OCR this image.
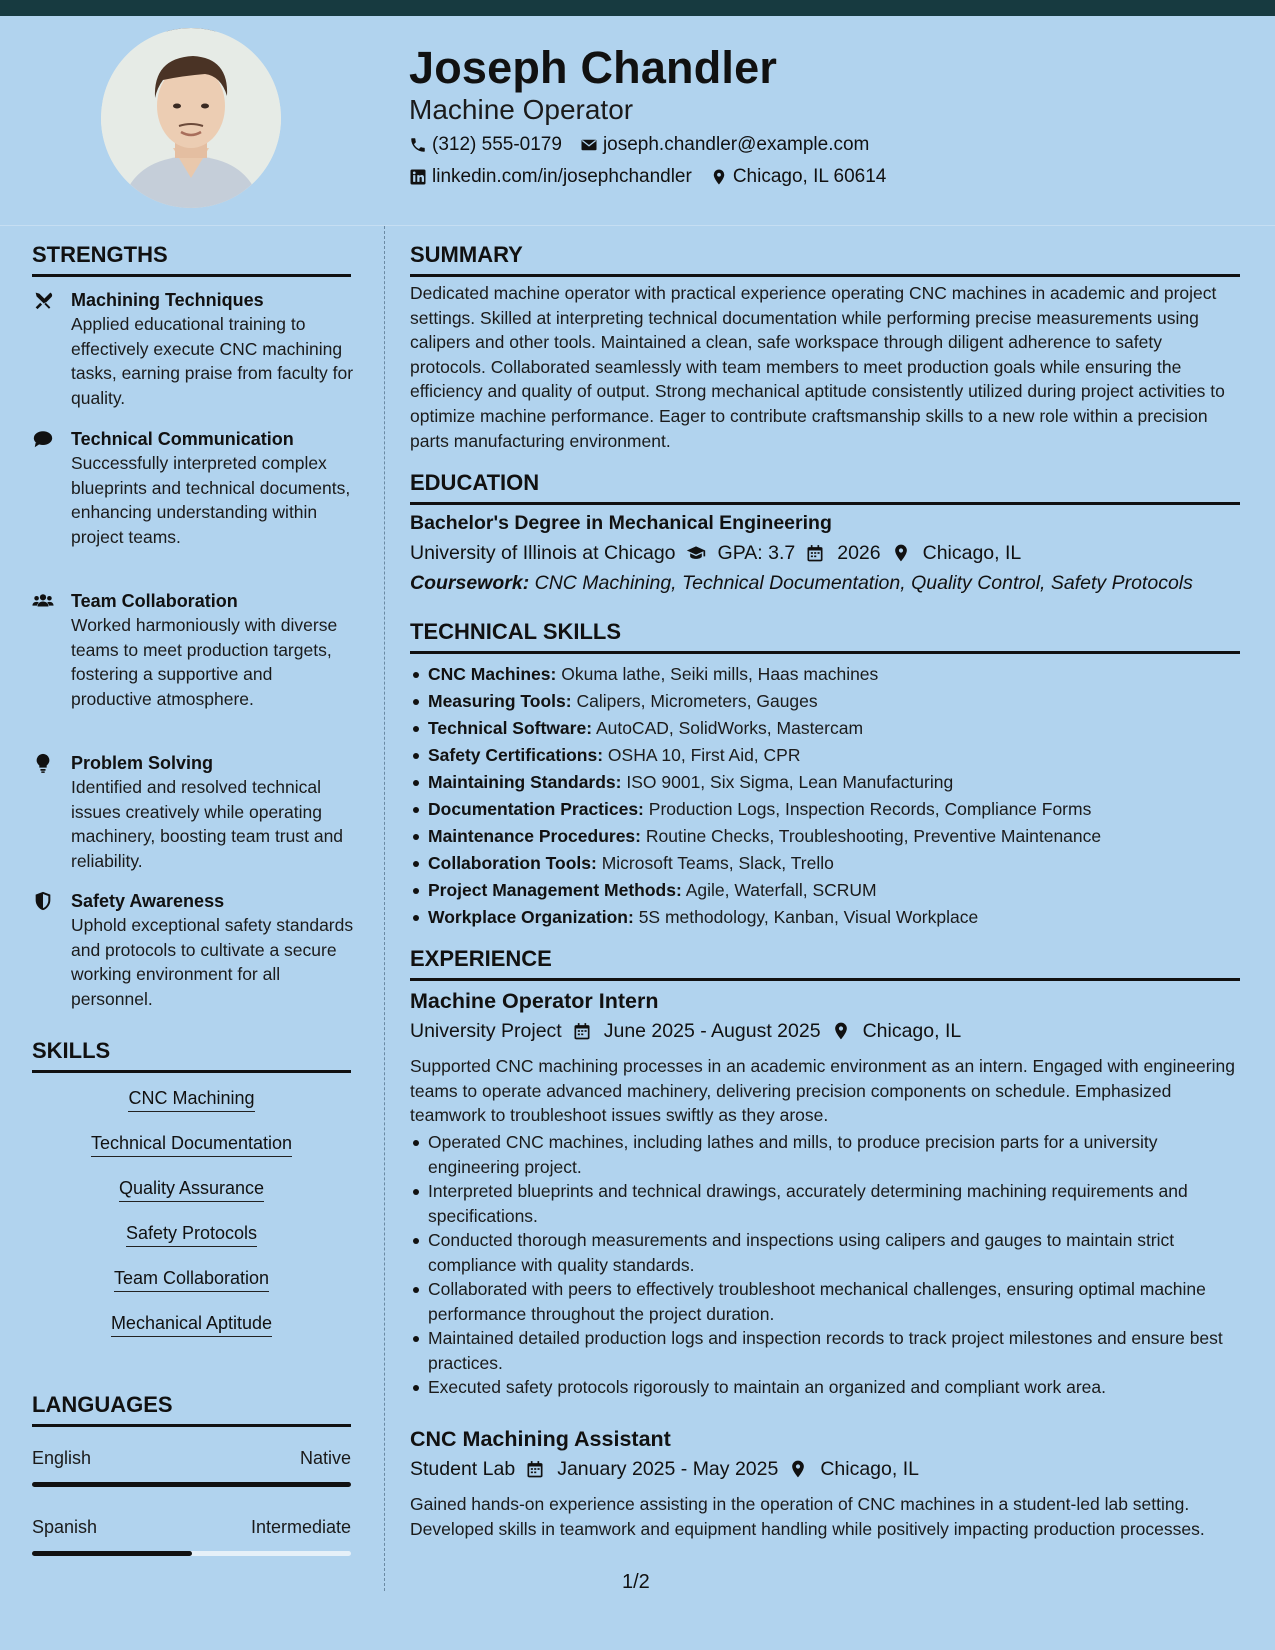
Joseph Chandler
Machine Operator
(312) 555-0179 joseph.chandler@example.com
linkedin.com/in/josephchandler Chicago, IL 60614
STRENGTHS
Machining Techniques
Applied educational training to effectively execute CNC machining tasks, earning praise from faculty for quality.
Technical Communication
Successfully interpreted complex blueprints and technical documents, enhancing understanding within project teams.
Team Collaboration
Worked harmoniously with diverse teams to meet production targets, fostering a supportive and productive atmosphere.
Problem Solving
Identified and resolved technical issues creatively while operating machinery, boosting team trust and reliability.
Safety Awareness
Uphold exceptional safety standards and protocols to cultivate a secure working environment for all personnel.
SKILLS
CNC Machining
Technical Documentation
Quality Assurance
Safety Protocols
Team Collaboration
Mechanical Aptitude
LANGUAGES
English	Native
Spanish	Intermediate
SUMMARY
Dedicated machine operator with practical experience operating CNC machines in academic and project settings. Skilled at interpreting technical documentation while performing precise measurements using calipers and other tools. Maintained a clean, safe workspace through diligent adherence to safety protocols. Collaborated seamlessly with team members to meet production goals while ensuring the efficiency and quality of output. Strong mechanical aptitude consistently utilized during project activities to optimize machine performance. Eager to contribute craftsmanship skills to a new role within a precision parts manufacturing environment.
EDUCATION
Bachelor's Degree in Mechanical Engineering
University of Illinois at Chicago GPA: 3.7 2026 Chicago, IL
Coursework: CNC Machining, Technical Documentation, Quality Control, Safety Protocols
TECHNICAL SKILLS
CNC Machines: Okuma lathe, Seiki mills, Haas machines
Measuring Tools: Calipers, Micrometers, Gauges
Technical Software: AutoCAD, SolidWorks, Mastercam
Safety Certifications: OSHA 10, First Aid, CPR
Maintaining Standards: ISO 9001, Six Sigma, Lean Manufacturing
Documentation Practices: Production Logs, Inspection Records, Compliance Forms
Maintenance Procedures: Routine Checks, Troubleshooting, Preventive Maintenance
Collaboration Tools: Microsoft Teams, Slack, Trello
Project Management Methods: Agile, Waterfall, SCRUM
Workplace Organization: 5S methodology, Kanban, Visual Workplace
EXPERIENCE
Machine Operator Intern
University Project June 2025 - August 2025 Chicago, IL
Supported CNC machining processes in an academic environment as an intern. Engaged with engineering teams to operate advanced machinery, delivering precision components on schedule. Emphasized teamwork to troubleshoot issues swiftly as they arose.
Operated CNC machines, including lathes and mills, to produce precision parts for a university engineering project.
Interpreted blueprints and technical drawings, accurately determining machining requirements and specifications.
Conducted thorough measurements and inspections using calipers and gauges to maintain strict compliance with quality standards.
Collaborated with peers to effectively troubleshoot mechanical challenges, ensuring optimal machine performance throughout the project duration.
Maintained detailed production logs and inspection records to track project milestones and ensure best practices.
Executed safety protocols rigorously to maintain an organized and compliant work area.
CNC Machining Assistant
Student Lab January 2025 - May 2025 Chicago, IL
Gained hands-on experience assisting in the operation of CNC machines in a student-led lab setting. Developed skills in teamwork and equipment handling while positively impacting production processes.
1/2
